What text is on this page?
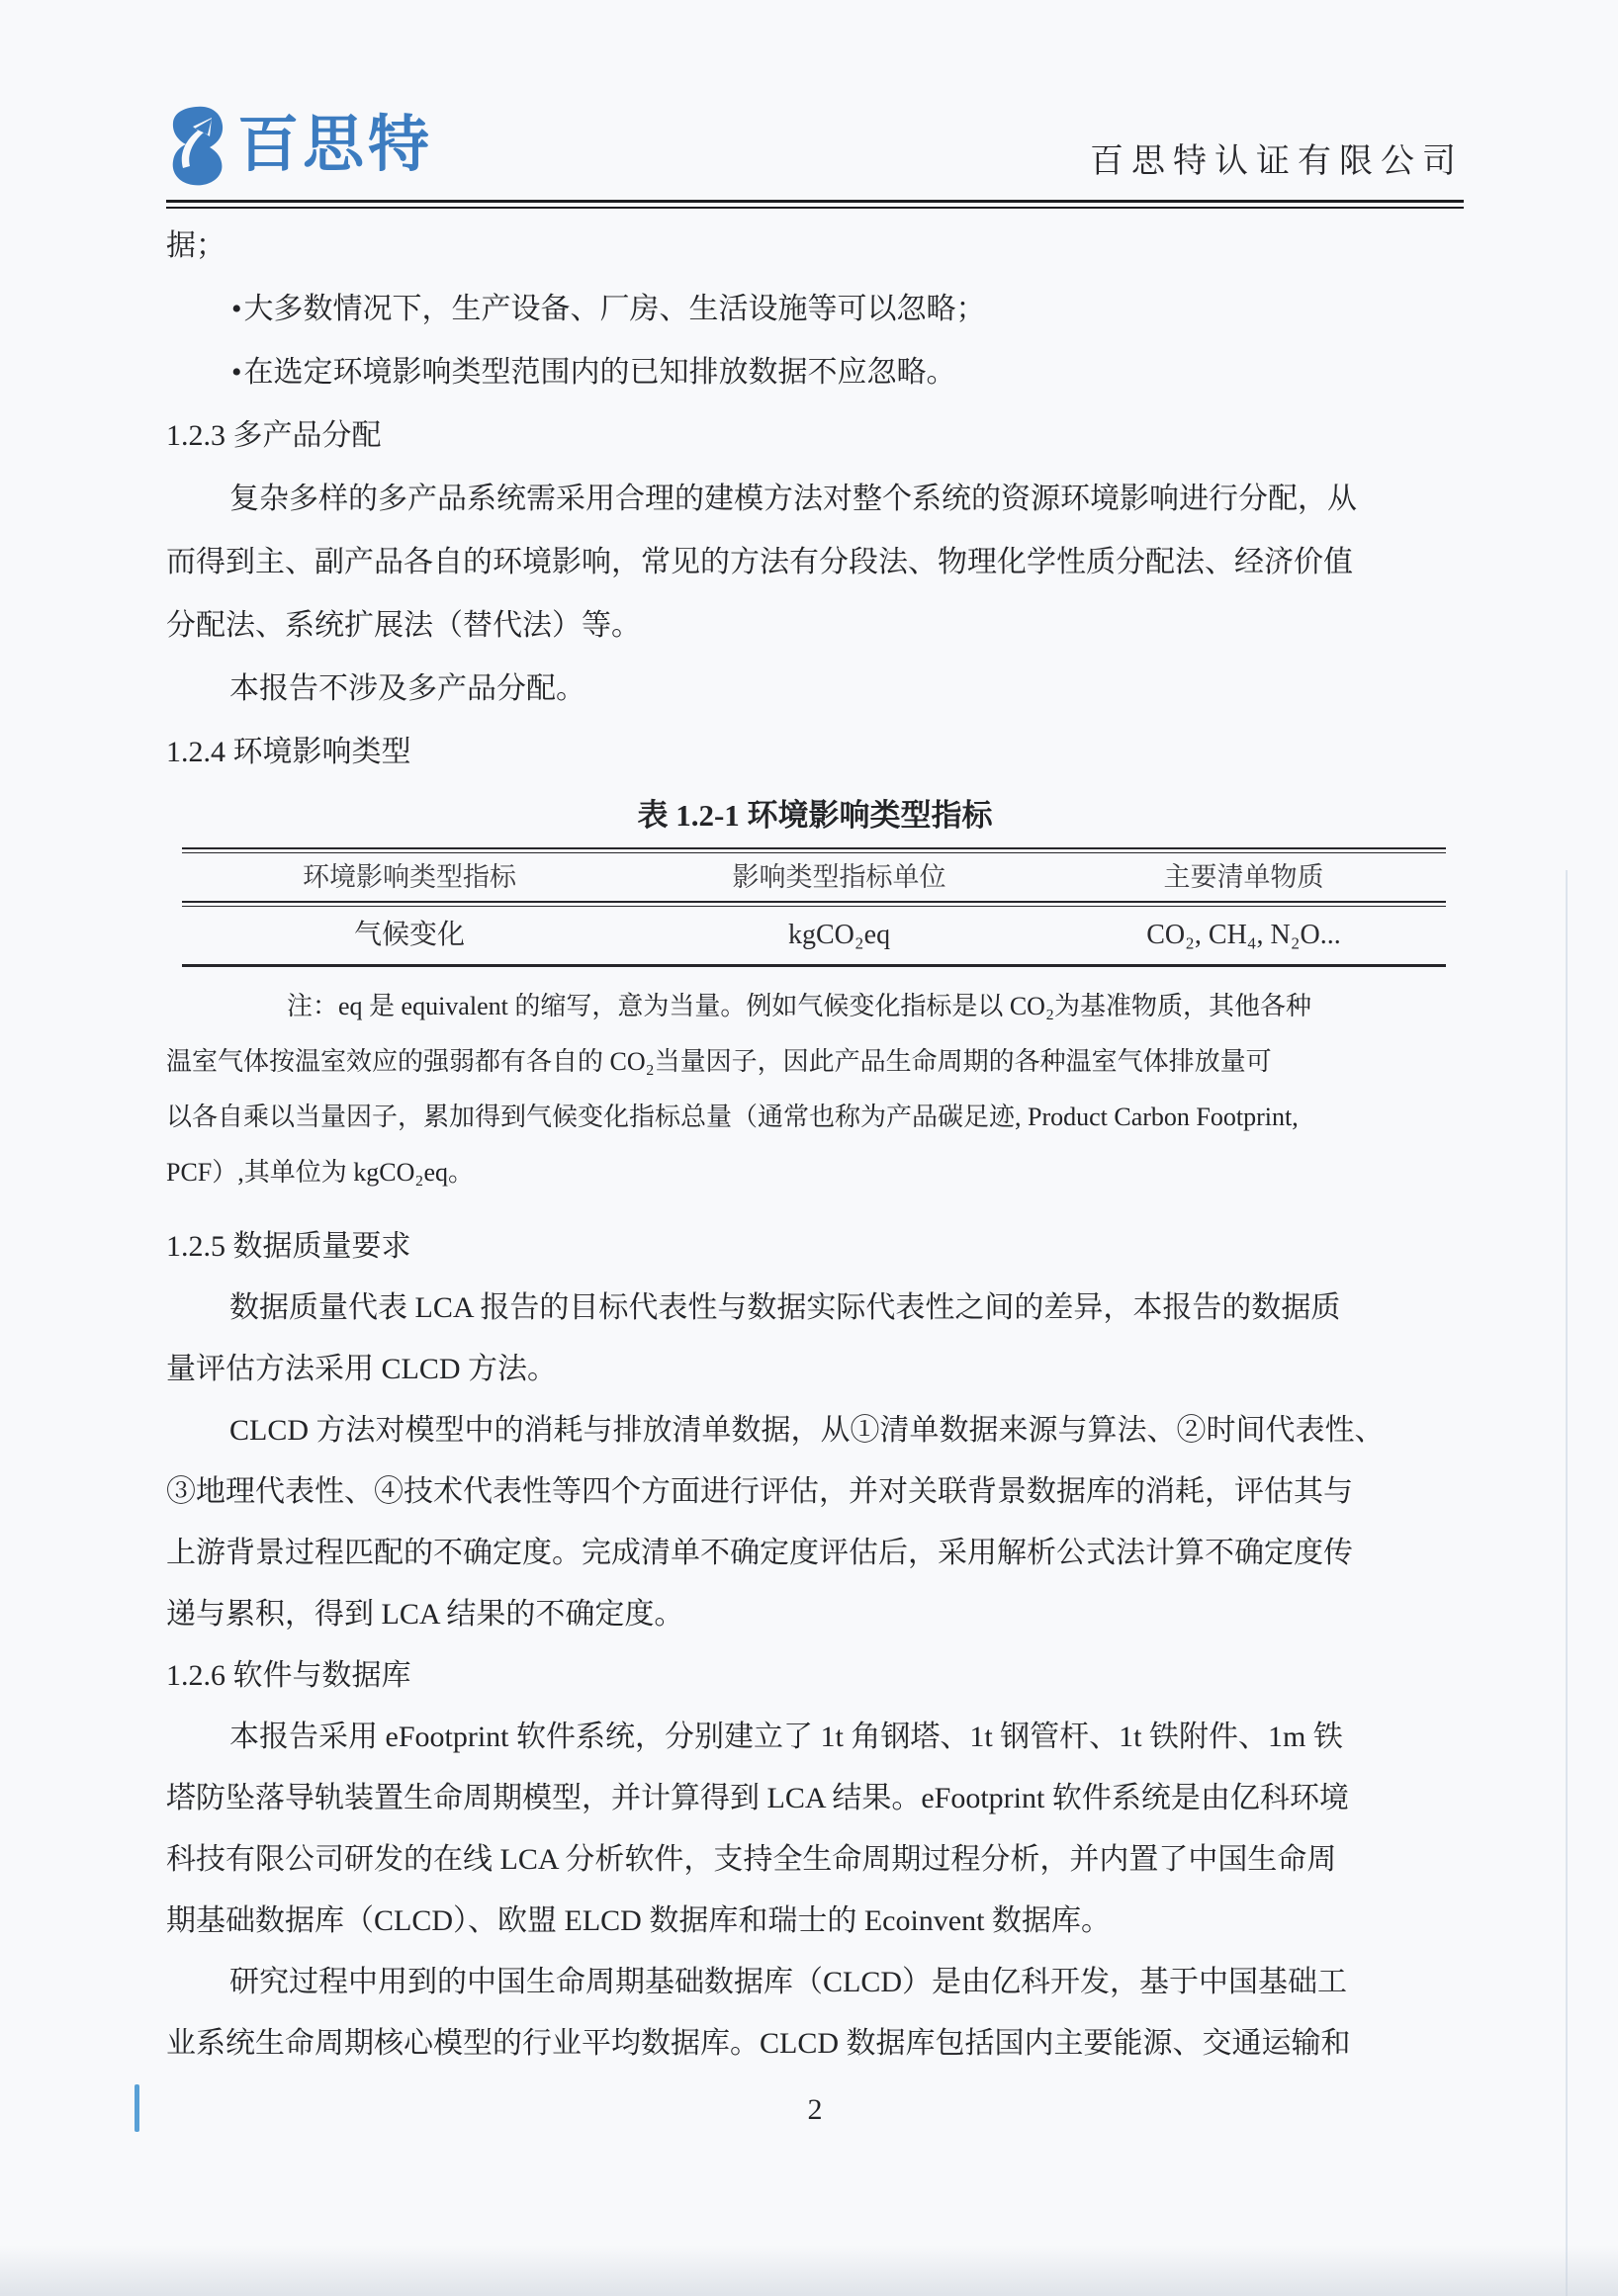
百思特	百思特认证有限公司
据；
•大多数情况下，生产设备、厂房、生活设施等可以忽略；
•在选定环境影响类型范围内的已知排放数据不应忽略。
1.2.3 多产品分配
复杂多样的多产品系统需采用合理的建模方法对整个系统的资源环境影响进行分配，从
而得到主、副产品各自的环境影响，常见的方法有分段法、物理化学性质分配法、经济价值
分配法、系统扩展法（替代法）等。
本报告不涉及多产品分配。
1.2.4 环境影响类型
表 1.2-1 环境影响类型指标
环境影响类型指标	影响类型指标单位	主要清单物质
气候变化	kgCO₂eq	CO₂, CH₄, N₂O...
注：eq 是 equivalent 的缩写，意为当量。例如气候变化指标是以 CO₂为基准物质，其他各种
温室气体按温室效应的强弱都有各自的 CO₂当量因子，因此产品生命周期的各种温室气体排放量可
以各自乘以当量因子，累加得到气候变化指标总量（通常也称为产品碳足迹, Product Carbon Footprint,
PCF）,其单位为 kgCO₂eq。
1.2.5 数据质量要求
数据质量代表 LCA 报告的目标代表性与数据实际代表性之间的差异，本报告的数据质
量评估方法采用 CLCD 方法。
CLCD 方法对模型中的消耗与排放清单数据，从①清单数据来源与算法、②时间代表性、
③地理代表性、④技术代表性等四个方面进行评估，并对关联背景数据库的消耗，评估其与
上游背景过程匹配的不确定度。完成清单不确定度评估后，采用解析公式法计算不确定度传
递与累积，得到 LCA 结果的不确定度。
1.2.6 软件与数据库
本报告采用 eFootprint 软件系统，分别建立了 1t 角钢塔、1t 钢管杆、1t 铁附件、1m 铁
塔防坠落导轨装置生命周期模型，并计算得到 LCA 结果。eFootprint 软件系统是由亿科环境
科技有限公司研发的在线 LCA 分析软件，支持全生命周期过程分析，并内置了中国生命周
期基础数据库（CLCD）、欧盟 ELCD 数据库和瑞士的 Ecoinvent 数据库。
研究过程中用到的中国生命周期基础数据库（CLCD）是由亿科开发，基于中国基础工
业系统生命周期核心模型的行业平均数据库。CLCD 数据库包括国内主要能源、交通运输和
2
